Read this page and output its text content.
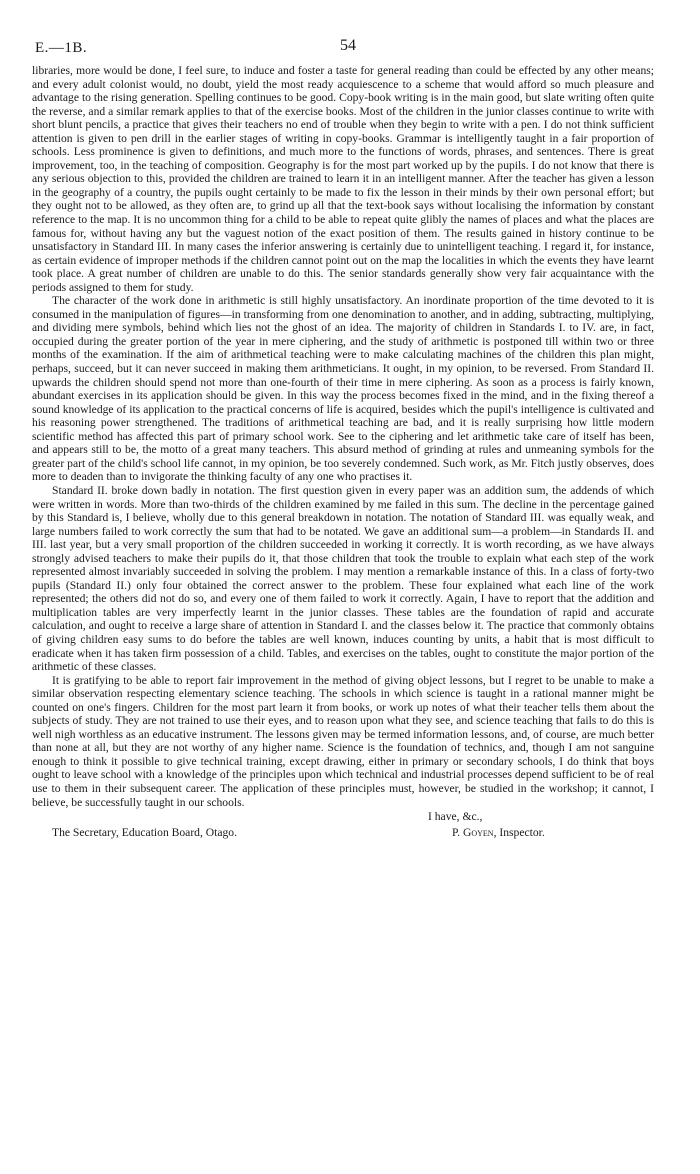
E.—1B.	54

libraries, more would be done, I feel sure, to induce and foster a taste for general reading than could be effected by any other means; and every adult colonist would, no doubt, yield the most ready acquiescence to a scheme that would afford so much pleasure and advantage to the rising generation. Spelling continues to be good. Copy-book writing is in the main good, but slate writing often quite the reverse, and a similar remark applies to that of the exercise books. Most of the children in the junior classes continue to write with short blunt pencils, a practice that gives their teachers no end of trouble when they begin to write with a pen. I do not think sufficient attention is given to pen drill in the earlier stages of writing in copy-books. Grammar is intelligently taught in a fair proportion of schools. Less prominence is given to definitions, and much more to the functions of words, phrases, and sentences. There is great improvement, too, in the teaching of composition. Geography is for the most part worked up by the pupils. I do not know that there is any serious objection to this, provided the children are trained to learn it in an intelligent manner. After the teacher has given a lesson in the geography of a country, the pupils ought certainly to be made to fix the lesson in their minds by their own personal effort; but they ought not to be allowed, as they often are, to grind up all that the text-book says without localising the information by constant reference to the map. It is no uncommon thing for a child to be able to repeat quite glibly the names of places and what the places are famous for, without having any but the vaguest notion of the exact position of them. The results gained in history continue to be unsatisfactory in Standard III. In many cases the inferior answering is certainly due to unintelligent teaching. I regard it, for instance, as certain evidence of improper methods if the children cannot point out on the map the localities in which the events they have learnt took place. A great number of children are unable to do this. The senior standards generally show very fair acquaintance with the periods assigned to them for study.

The character of the work done in arithmetic is still highly unsatisfactory. An inordinate proportion of the time devoted to it is consumed in the manipulation of figures—in transforming from one denomination to another, and in adding, subtracting, multiplying, and dividing mere symbols, behind which lies not the ghost of an idea. The majority of children in Standards I. to IV. are, in fact, occupied during the greater portion of the year in mere ciphering, and the study of arithmetic is postponed till within two or three months of the examination. If the aim of arithmetical teaching were to make calculating machines of the children this plan might, perhaps, succeed, but it can never succeed in making them arithmeticians. It ought, in my opinion, to be reversed. From Standard II. upwards the children should spend not more than one-fourth of their time in mere ciphering. As soon as a process is fairly known, abundant exercises in its application should be given. In this way the process becomes fixed in the mind, and in the fixing thereof a sound knowledge of its application to the practical concerns of life is acquired, besides which the pupil's intelligence is cultivated and his reasoning power strengthened. The traditions of arithmetical teaching are bad, and it is really surprising how little modern scientific method has affected this part of primary school work. See to the ciphering and let arithmetic take care of itself has been, and appears still to be, the motto of a great many teachers. This absurd method of grinding at rules and unmeaning symbols for the greater part of the child's school life cannot, in my opinion, be too severely condemned. Such work, as Mr. Fitch justly observes, does more to deaden than to invigorate the thinking faculty of any one who practises it.

Standard II. broke down badly in notation. The first question given in every paper was an addition sum, the addends of which were written in words. More than two-thirds of the children examined by me failed in this sum. The decline in the percentage gained by this Standard is, I believe, wholly due to this general breakdown in notation. The notation of Standard III. was equally weak, and large numbers failed to work correctly the sum that had to be notated. We gave an additional sum—a problem—in Standards II. and III. last year, but a very small proportion of the children succeeded in working it correctly. It is worth recording, as we have always strongly advised teachers to make their pupils do it, that those children that took the trouble to explain what each step of the work represented almost invariably succeeded in solving the problem. I may mention a remarkable instance of this. In a class of forty-two pupils (Standard II.) only four obtained the correct answer to the problem. These four explained what each line of the work represented; the others did not do so, and every one of them failed to work it correctly. Again, I have to report that the addition and multiplication tables are very imperfectly learnt in the junior classes. These tables are the foundation of rapid and accurate calculation, and ought to receive a large share of attention in Standard I. and the classes below it. The practice that commonly obtains of giving children easy sums to do before the tables are well known, induces counting by units, a habit that is most difficult to eradicate when it has taken firm possession of a child. Tables, and exercises on the tables, ought to constitute the major portion of the arithmetic of these classes.

It is gratifying to be able to report fair improvement in the method of giving object lessons, but I regret to be unable to make a similar observation respecting elementary science teaching. The schools in which science is taught in a rational manner might be counted on one's fingers. Children for the most part learn it from books, or work up notes of what their teacher tells them about the subjects of study. They are not trained to use their eyes, and to reason upon what they see, and science teaching that fails to do this is well nigh worthless as an educative instrument. The lessons given may be termed information lessons, and, of course, are much better than none at all, but they are not worthy of any higher name. Science is the foundation of technics, and, though I am not sanguine enough to think it possible to give technical training, except drawing, either in primary or secondary schools, I do think that boys ought to leave school with a knowledge of the principles upon which technical and industrial processes depend sufficient to be of real use to them in their subsequent career. The application of these principles must, however, be studied in the workshop; it cannot, I believe, be successfully taught in our schools.

I have, &c.,
The Secretary, Education Board, Otago.	P. Goyen, Inspector.
